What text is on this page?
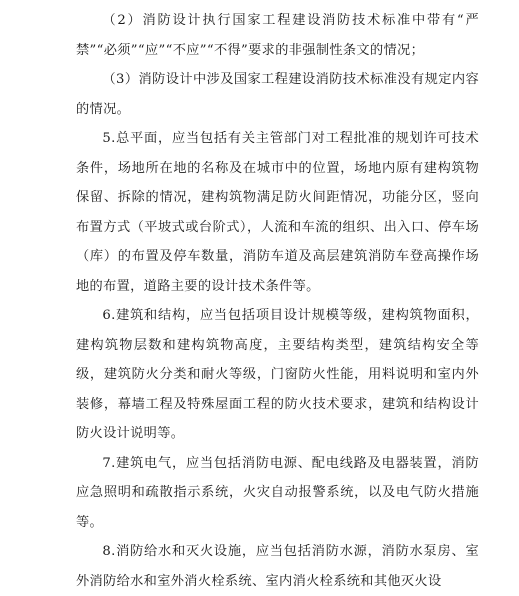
（2）消防设计执行国家工程建设消防技术标准中带有“严禁”“必须”“应”“不应”“不得”要求的非强制性条文的情况；

（3）消防设计中涉及国家工程建设消防技术标准没有规定内容的情况。

5.总平面，应当包括有关主管部门对工程批准的规划许可技术条件，场地所在地的名称及在城市中的位置，场地内原有建构筑物保留、拆除的情况，建构筑物满足防火间距情况，功能分区，竖向布置方式（平坡式或台阶式），人流和车流的组织、出入口、停车场（库）的布置及停车数量，消防车道及高层建筑消防车登高操作场地的布置，道路主要的设计技术条件等。

6.建筑和结构，应当包括项目设计规模等级，建构筑物面积，建构筑物层数和建构筑物高度，主要结构类型，建筑结构安全等级，建筑防火分类和耐火等级，门窗防火性能，用料说明和室内外装修，幕墙工程及特殊屋面工程的防火技术要求，建筑和结构设计防火设计说明等。

7.建筑电气，应当包括消防电源、配电线路及电器装置，消防应急照明和疏散指示系统，火灾自动报警系统，以及电气防火措施等。

8.消防给水和灭火设施，应当包括消防水源，消防水泵房、室外消防给水和室外消火栓系统、室内消火栓系统和其他灭火设
